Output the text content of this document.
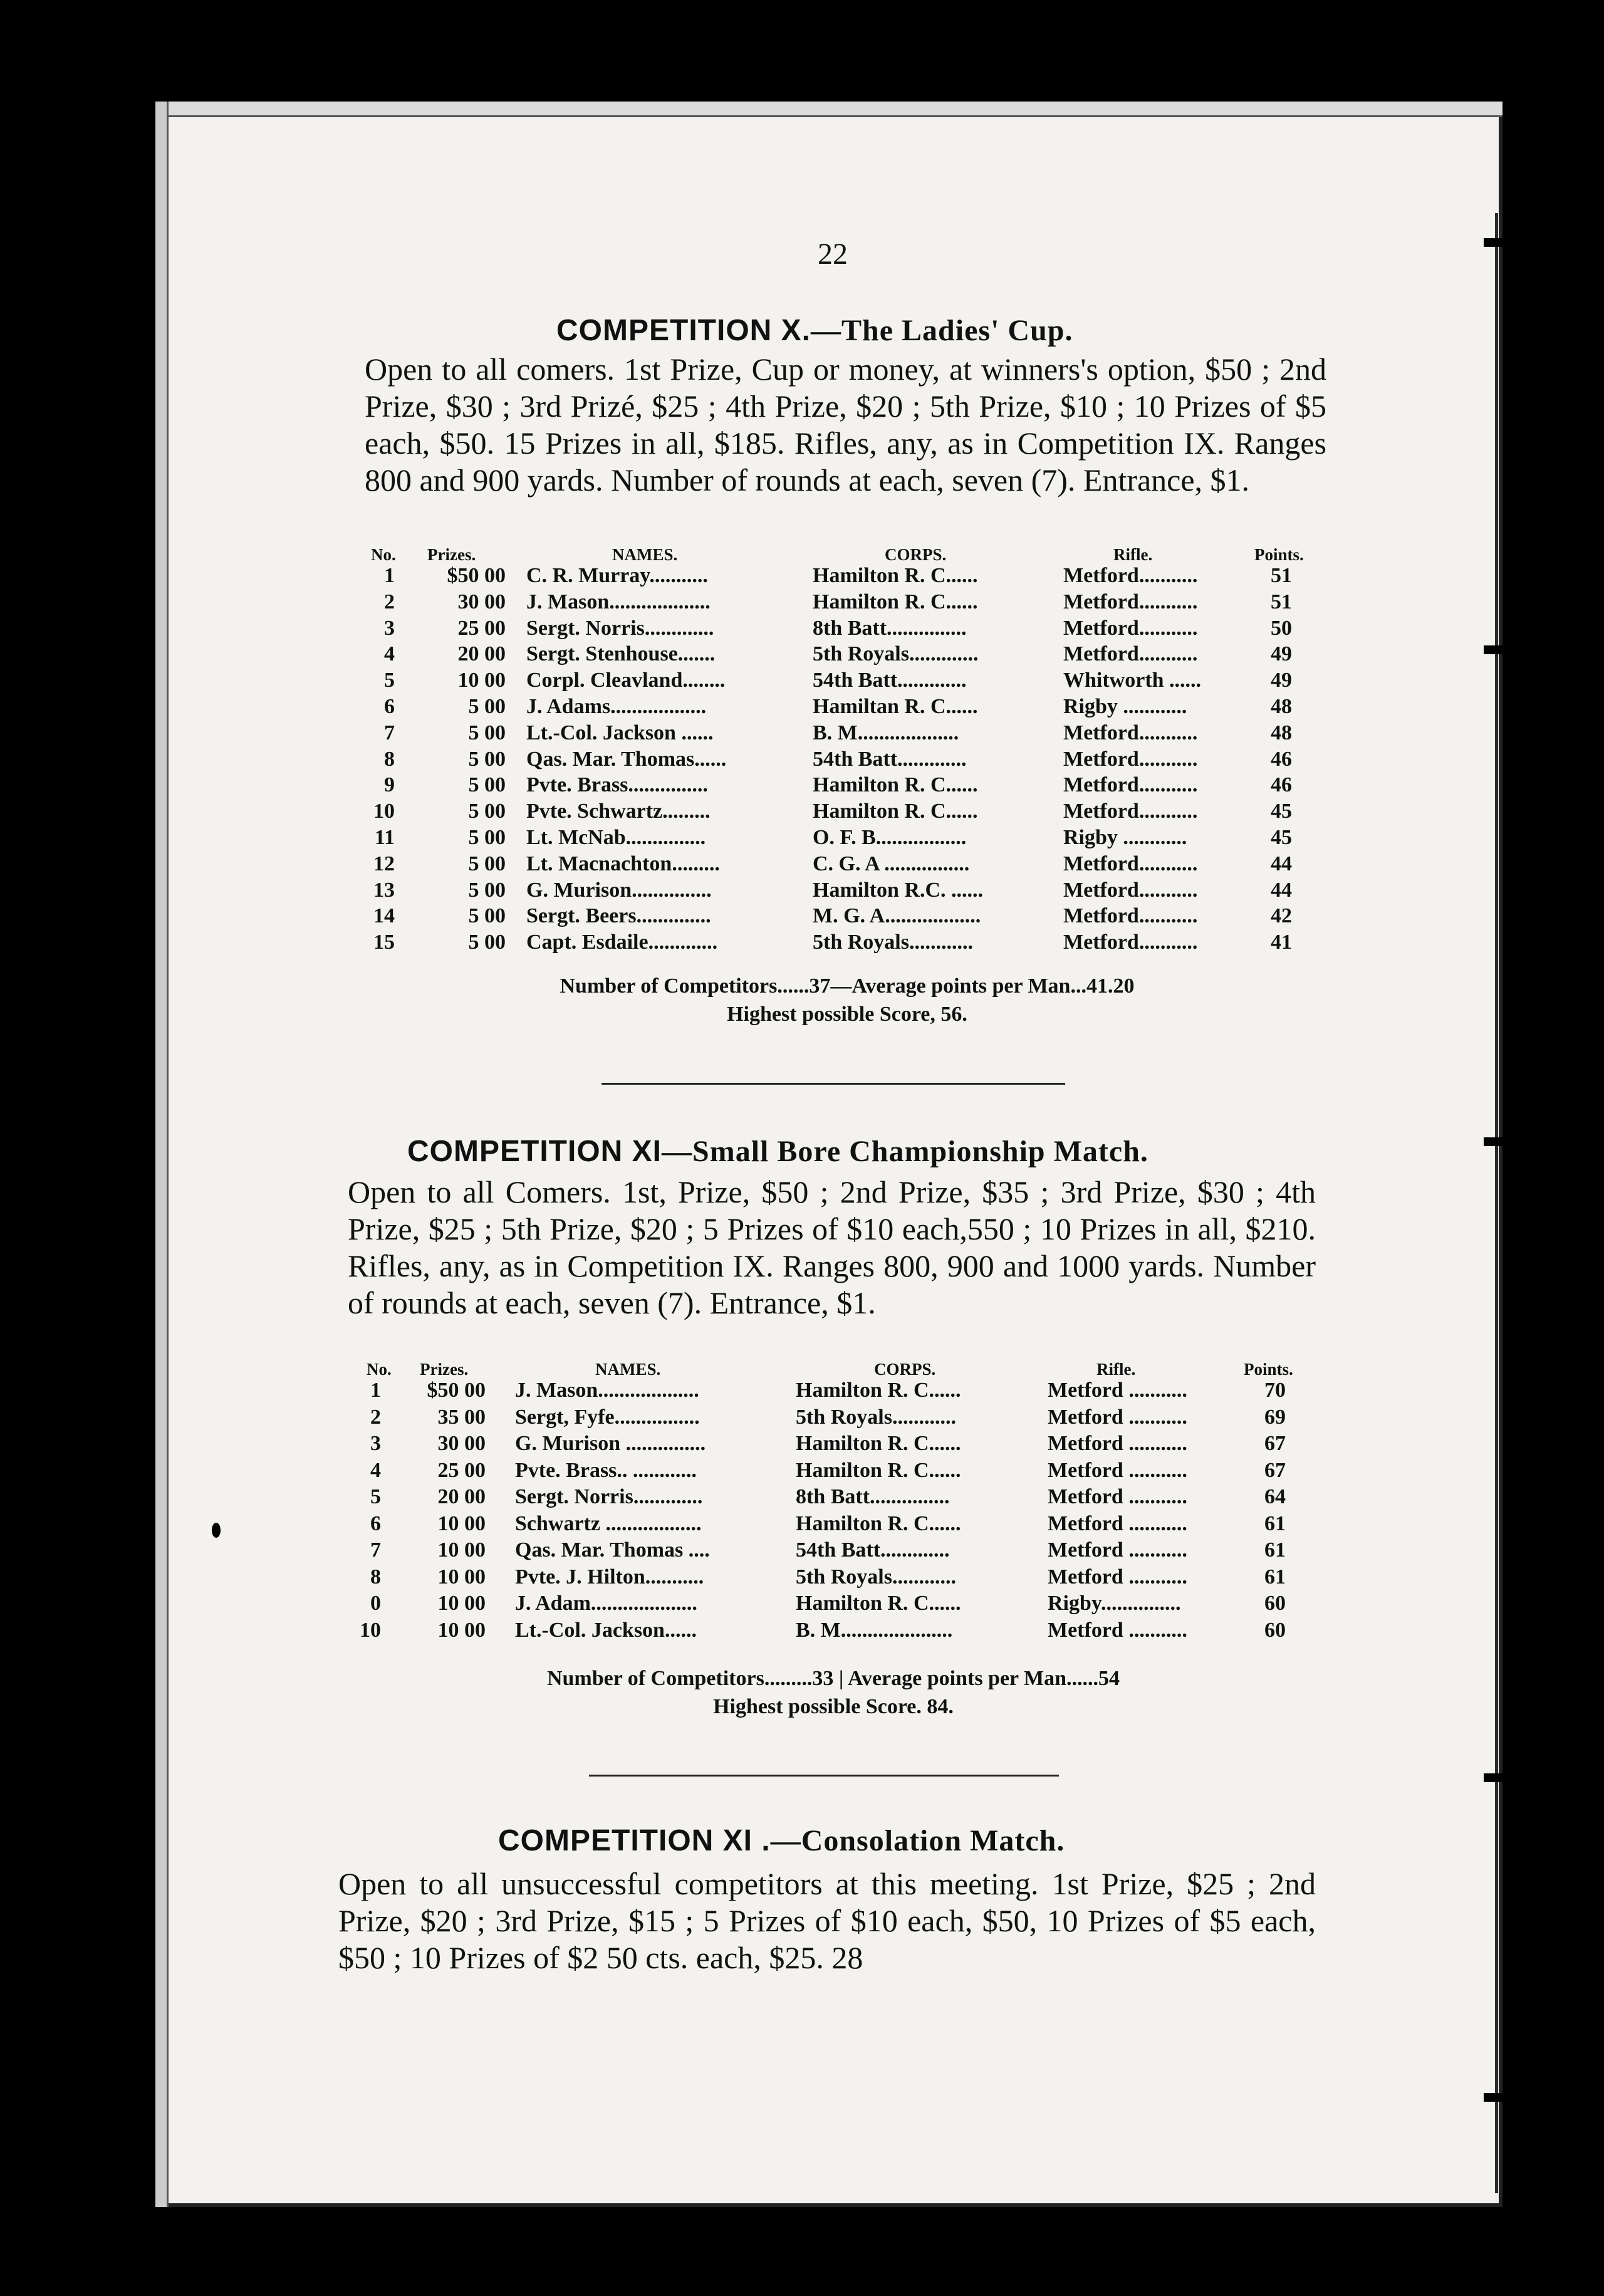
22
COMPETITION X.—The Ladies' Cup.
Open to all comers. 1st Prize, Cup or money, at winners's option, $50 ; 2nd Prize, $30 ; 3rd Prizé, $25 ; 4th Prize, $20 ; 5th Prize, $10 ; 10 Prizes of $5 each, $50. 15 Prizes in all, $185. Rifles, any, as in Competition IX. Ranges 800 and 900 yards. Number of rounds at each, seven (7). Entrance, $1.
No. Prizes.	NAMES.	CORPS.	Rifle.	Points.
1 $50 00 C. R. Murray...........	Hamilton R. C......	Metford...........	51
2	30 00 J. Mason...................	Hamilton R. C......	Metford...........	51
3	25 00 Sergt. Norris.............	8th Batt...............	Metford...........	50
4	20 00 Sergt. Stenhouse.......	5th Royals.............	Metford...........	49
5	10 00 Corpl. Cleavland........	54th Batt.............	Whitworth ......	49
6	5 00 J. Adams..................	Hamiltan R. C......	Rigby ............	48
7	5 00 Lt.-Col. Jackson ......	B. M...................	Metford...........	48
8	5 00 Qas. Mar. Thomas......	54th Batt.............	Metford...........	46
9	5 00 Pvte. Brass...............	Hamilton R. C......	Metford...........	46
10	5 00 Pvte. Schwartz.........	Hamilton R. C......	Metford...........	45
11	5 00 Lt. McNab...............	O. F. B.................	Rigby ............	45
12	5 00 Lt. Macnachton.........	C. G. A ................	Metford...........	44
13	5 00 G. Murison...............	Hamilton R.C. ......	Metford...........	44
14	5 00 Sergt. Beers..............	M. G. A..................	Metford...........	42
15	5 00 Capt. Esdaile.............	5th Royals............	Metford...........	41
Number of Competitors......37—Average points per Man...41.20
Highest possible Score, 56.
COMPETITION XI—Small Bore Championship Match.
Open to all Comers. 1st, Prize, $50 ; 2nd Prize, $35 ; 3rd Prize, $30 ; 4th Prize, $25 ; 5th Prize, $20 ; 5 Prizes of $10 each,550 ; 10 Prizes in all, $210. Rifles, any, as in Competition IX. Ranges 800, 900 and 1000 yards. Number of rounds at each, seven (7). Entrance, $1.
No. Prizes.	NAMES.	CORPS.	Rifle.	Points.
1 $50 00 J. Mason...................	Hamilton R. C......	Metford ...........	70
2	35 00 Sergt, Fyfe................	5th Royals............	Metford ...........	69
3	30 00 G. Murison ...............	Hamilton R. C......	Metford ...........	67
4	25 00 Pvte. Brass.. ............	Hamilton R. C......	Metford ...........	67
5	20 00 Sergt. Norris.............	8th Batt...............	Metford ...........	64
6	10 00 Schwartz ..................	Hamilton R. C......	Metford ...........	61
7	10 00 Qas. Mar. Thomas ....	54th Batt.............	Metford ...........	61
8	10 00 Pvte. J. Hilton...........	5th Royals............	Metford ...........	61
0	10 00 J. Adam....................	Hamilton R. C......	Rigby...............	60
10	10 00 Lt.-Col. Jackson......	B. M.....................	Metford ...........	60
Number of Competitors.........33 | Average points per Man......54
Highest possible Score. 84.
COMPETITION XI .—Consolation Match.
Open to all unsuccessful competitors at this meeting. 1st Prize, $25 ; 2nd Prize, $20 ; 3rd Prize, $15 ; 5 Prizes of $10 each, $50, 10 Prizes of $5 each, $50 ; 10 Prizes of $2 50 cts. each, $25. 28
